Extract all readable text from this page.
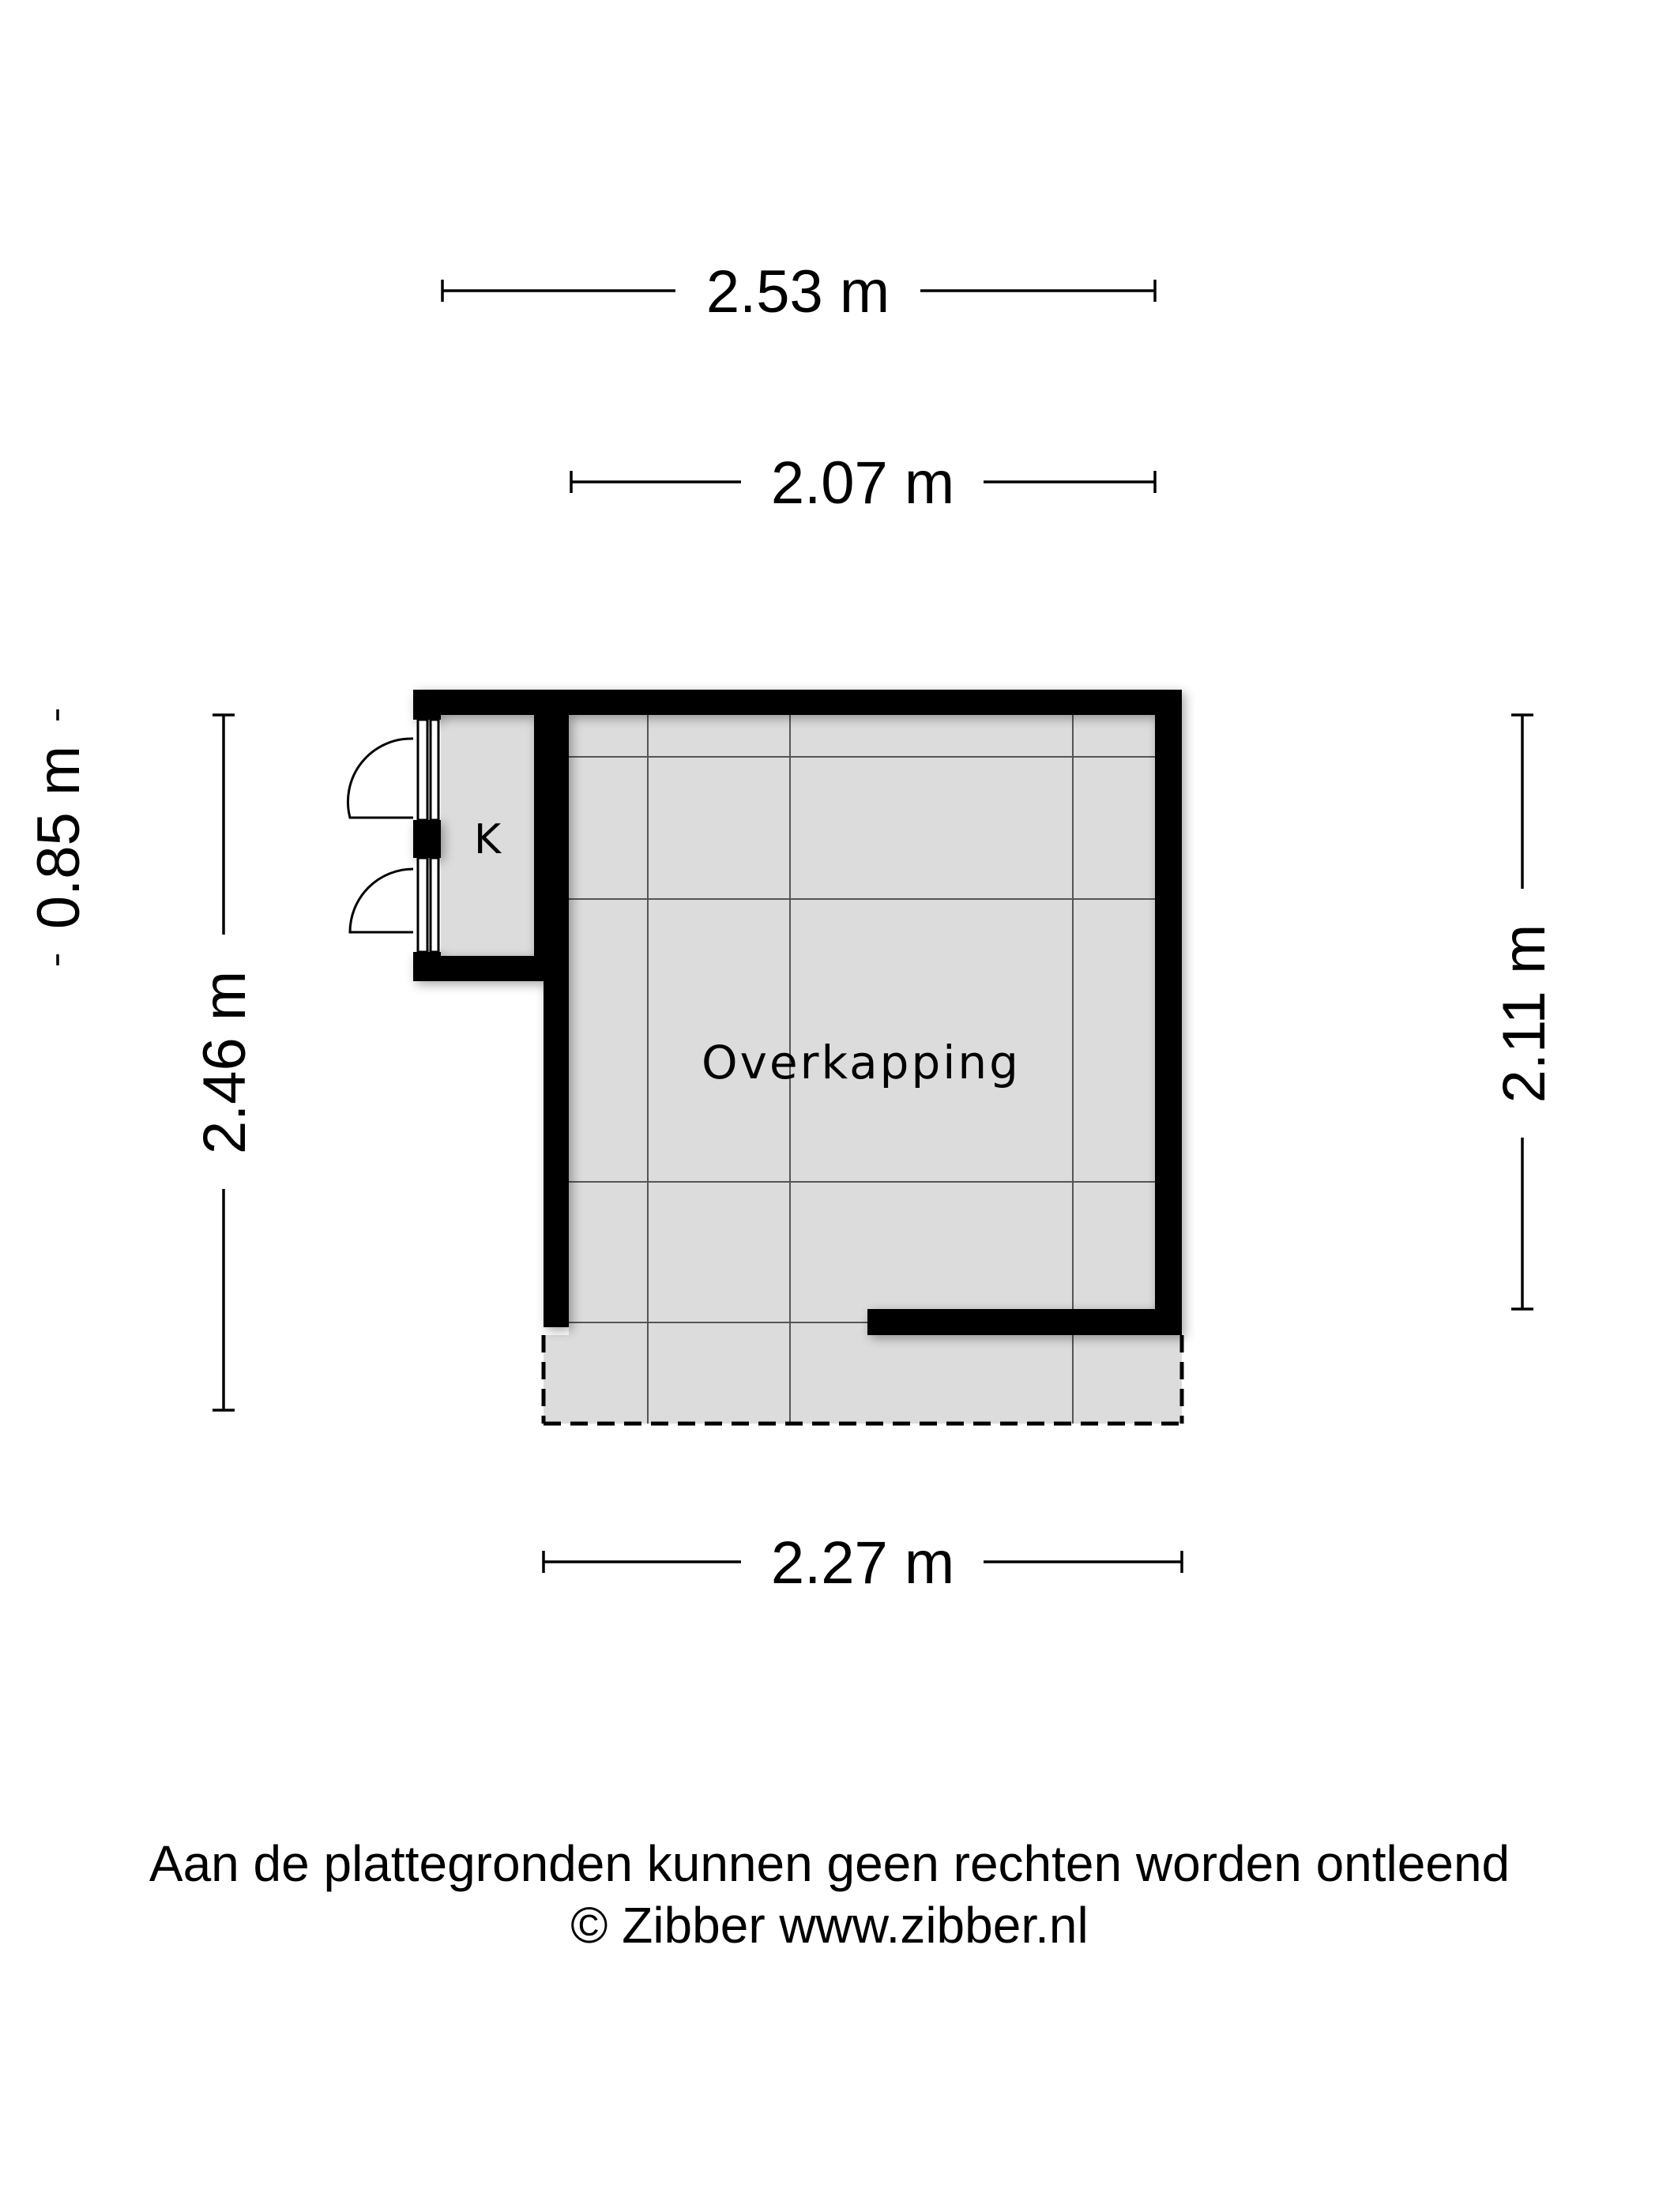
Overkapping
K
2.53 m
2.07 m
0.85 m
2.46 m	2.11 m
2.27 m
Aan de plattegronden kunnen geen rechten worden ontleend
© Zibber www.zibber.nl
